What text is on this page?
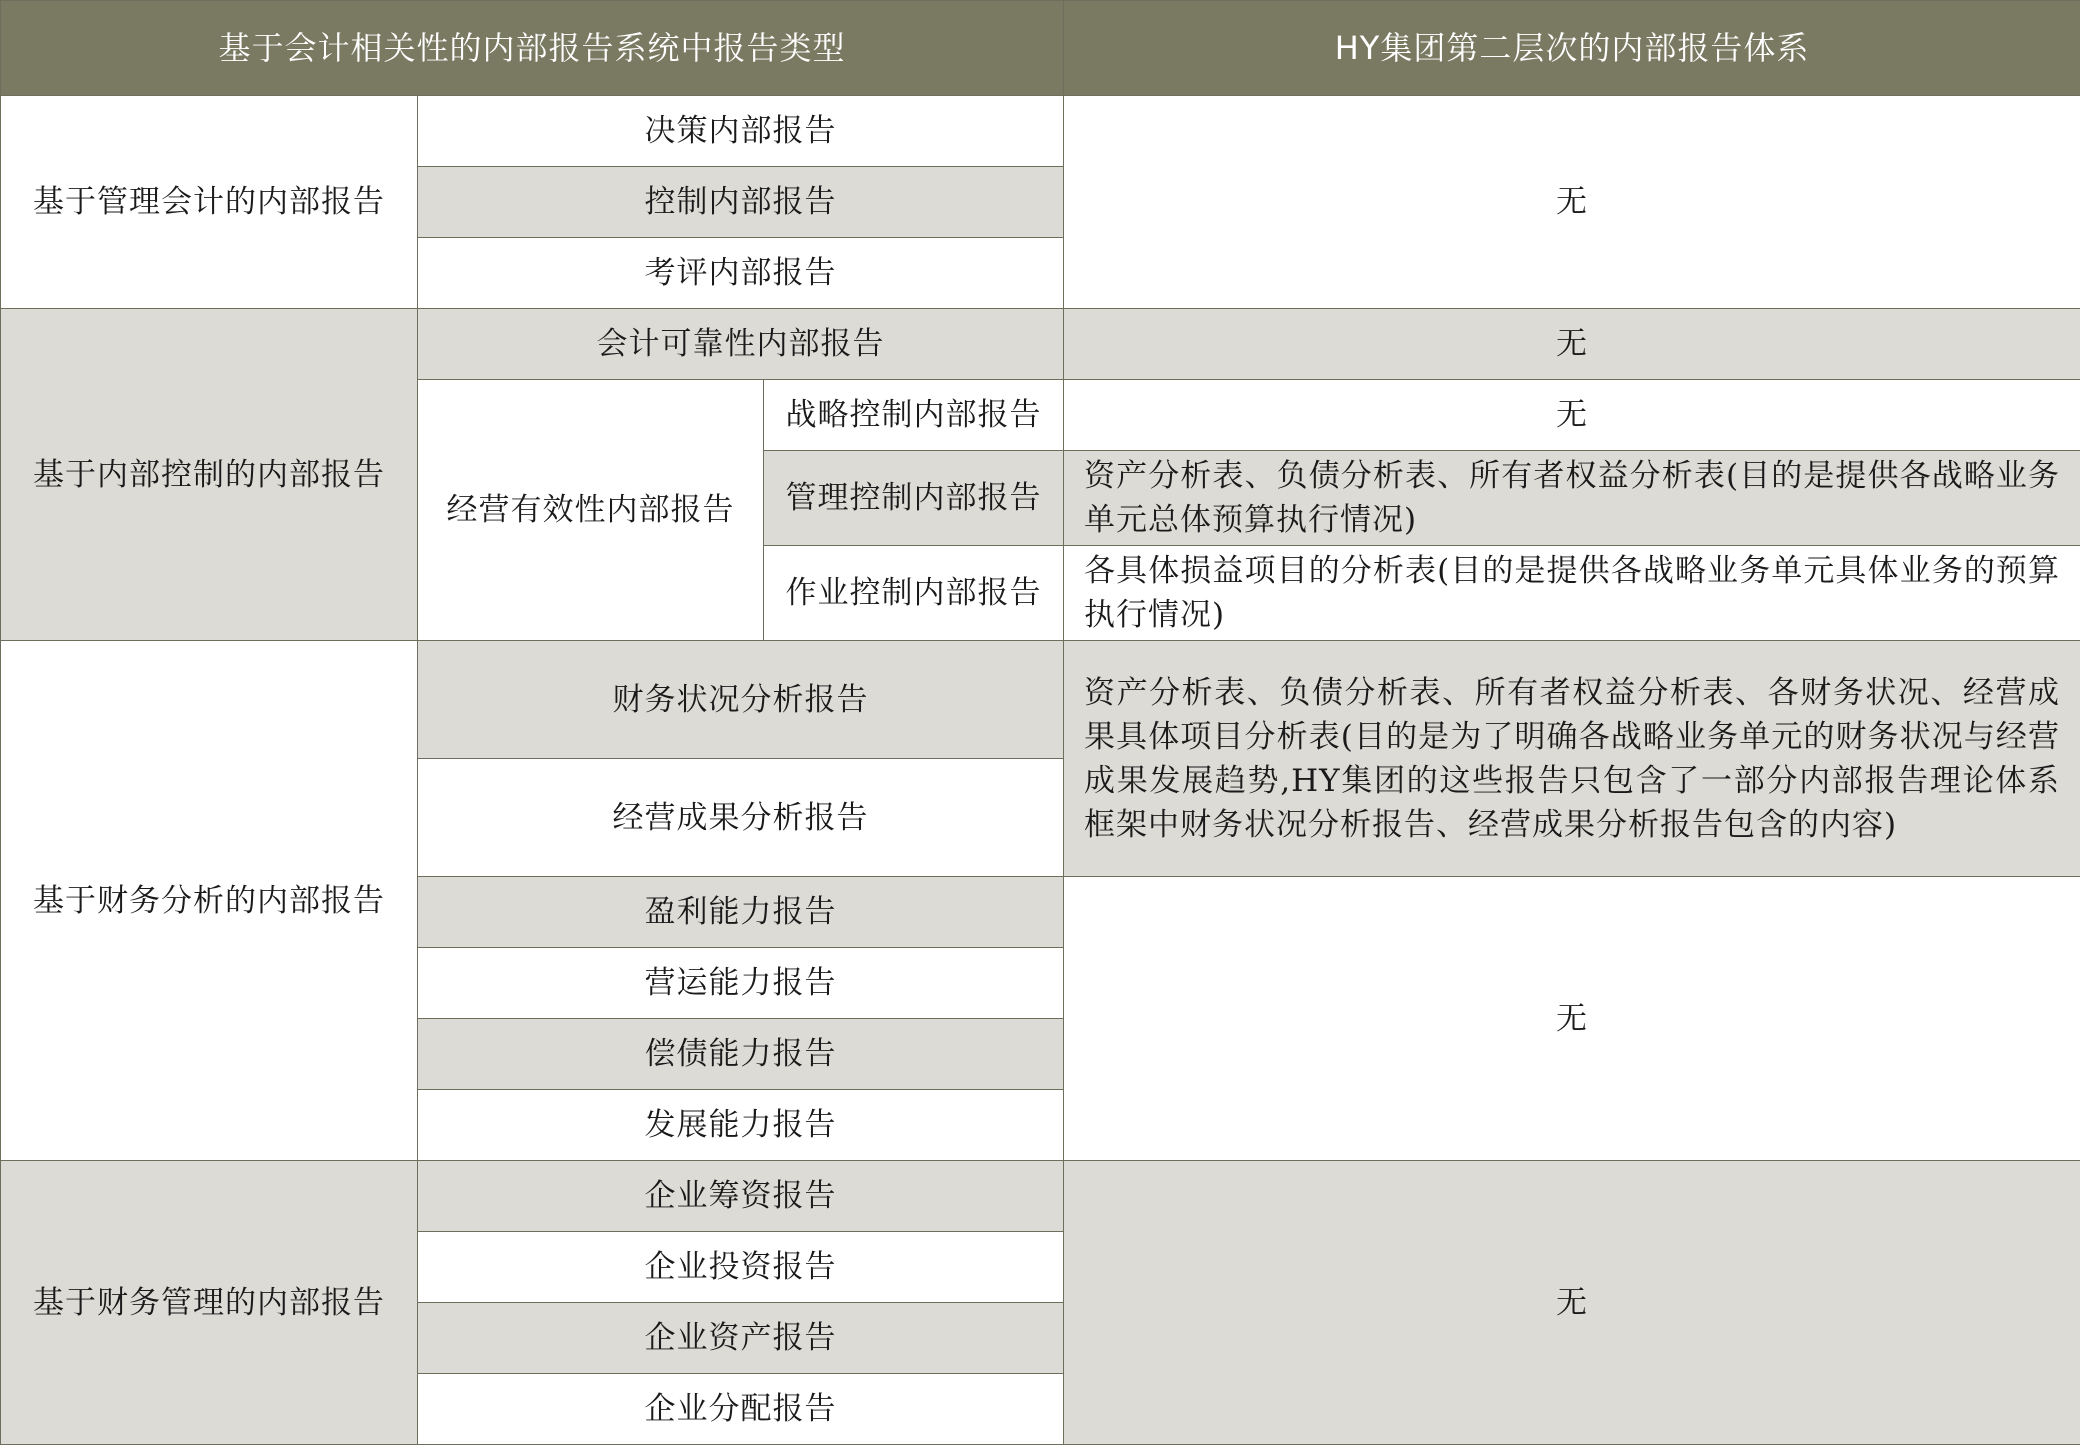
基于会计相关性的内部报告系统中报告类型			HY集团第二层次的内部报告体系
基于管理会计的内部报告	决策内部报告		无
	控制内部报告		
	考评内部报告		
基于内部控制的内部报告	会计可靠性内部报告		无
	经营有效性内部报告	战略控制内部报告	无
		管理控制内部报告	资产分析表、负债分析表、所有者权益分析表(目的是提供各战略业务单元总体预算执行情况)
		作业控制内部报告	各具体损益项目的分析表(目的是提供各战略业务单元具体业务的预算执行情况)
基于财务分析的内部报告	财务状况分析报告		资产分析表、负债分析表、所有者权益分析表、各财务状况、经营成果具体项目分析表(目的是为了明确各战略业务单元的财务状况与经营成果发展趋势,HY集团的这些报告只包含了一部分内部报告理论体系框架中财务状况分析报告、经营成果分析报告包含的内容)
	经营成果分析报告		
	盈利能力报告		无
	营运能力报告		
	偿债能力报告		
	发展能力报告		
基于财务管理的内部报告	企业筹资报告		无
	企业投资报告		
	企业资产报告		
	企业分配报告		
